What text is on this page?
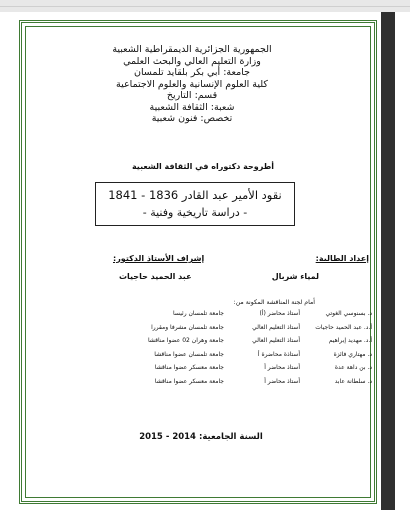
الجمهورية الجزائرية الديمقراطية الشعبية
وزارة التعليم العالي والبحث العلمي
جامعة: أبي بكر بلقايد تلمسان
كلية العلوم الإنسانية والعلوم الاجتماعية
قسم: التاريخ
شعبة: الثقافة الشعبية
تخصص: فنون شعبية
أطروحة دكتوراه في الثقافة الشعبية
نقود الأمير عبد القادر 1836 - 1841
- دراسة تاريخية وفنية -
إعداد الطالبة:
إشراف الأستاذ الدكتور:
لمياء شربال
عبد الحميد حاجيات
أمام لجنة المناقشة المكونة من:
د. بسنوسي الغوتي
أستاذ محاضر (أ)
جامعة تلمسان رئيسا
أ.د. عبد الحميد حاجيات
أستاذ التعليم العالي
جامعة تلمسان مشرفا ومقررا
أ.د. مهديد إبراهيم
أستاذ التعليم العالي
جامعة وهران 02 عضوا مناقشا
د. مهتاري فائزة
أستاذة محاضرة أ
جامعة تلمسان عضوا مناقشا
د. بن داهة عدة
أستاذ محاضر أ
جامعة معسكر عضوا مناقشا
د. سلطانة عابد
أستاذ محاضر أ
جامعة معسكر عضوا مناقشا
السنة الجامعية: 2014 - 2015
